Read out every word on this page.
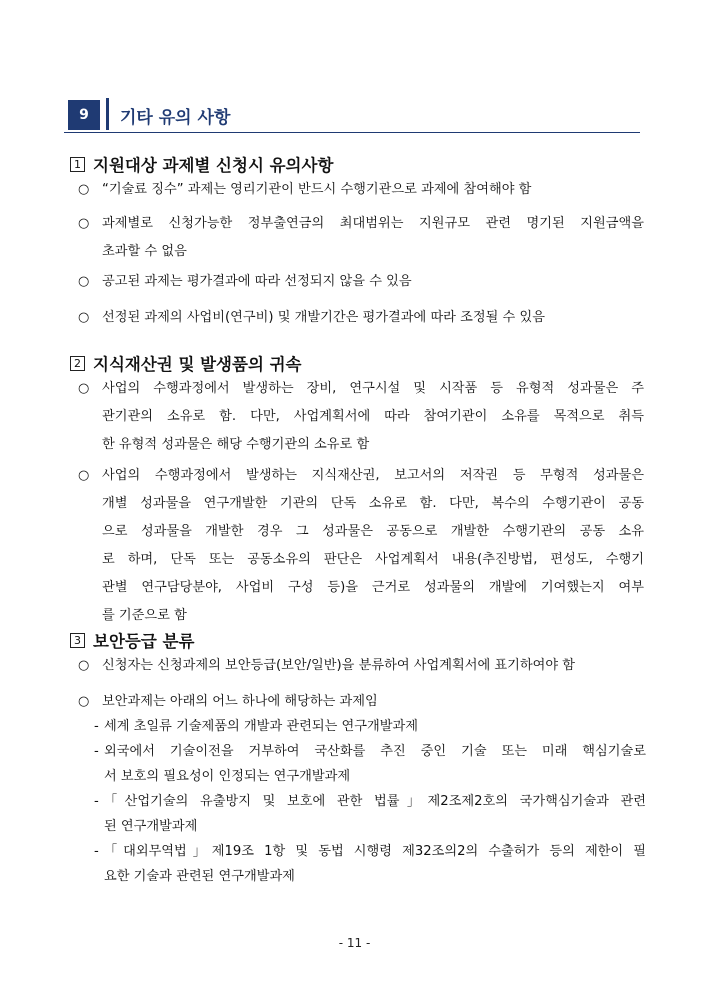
9	기타 유의 사항
1 지원대상 과제별 신청시 유의사항
○ “기술료 징수” 과제는 영리기관이 반드시 수행기관으로 과제에 참여해야 함
○ 과제별로 신청가능한 정부출연금의 최대범위는 지원규모 관련 명기된 지원금액을
초과할 수 없음
○ 공고된 과제는 평가결과에 따라 선정되지 않을 수 있음
○ 선정된 과제의 사업비(연구비) 및 개발기간은 평가결과에 따라 조정될 수 있음
2 지식재산권 및 발생품의 귀속
○ 사업의 수행과정에서 발생하는 장비, 연구시설 및 시작품 등 유형적 성과물은 주
관기관의 소유로 함. 다만, 사업계획서에 따라 참여기관이 소유를 목적으로 취득
한 유형적 성과물은 해당 수행기관의 소유로 함
○ 사업의 수행과정에서 발생하는 지식재산권, 보고서의 저작권 등 무형적 성과물은
개별 성과물을 연구개발한 기관의 단독 소유로 함. 다만, 복수의 수행기관이 공동
으로 성과물을 개발한 경우 그 성과물은 공동으로 개발한 수행기관의 공동 소유
로 하며, 단독 또는 공동소유의 판단은 사업계획서 내용(추진방법, 편성도, 수행기
관별 연구담당분야, 사업비 구성 등)을 근거로 성과물의 개발에 기여했는지 여부
를 기준으로 함
3 보안등급 분류
○ 신청자는 신청과제의 보안등급(보안/일반)을 분류하여 사업계획서에 표기하여야 함
○ 보안과제는 아래의 어느 하나에 해당하는 과제임
- 세계 초일류 기술제품의 개발과 관련되는 연구개발과제
- 외국에서 기술이전을 거부하여 국산화를 추진 중인 기술 또는 미래 핵심기술로
서 보호의 필요성이 인정되는 연구개발과제
- 「산업기술의 유출방지 및 보호에 관한 법률」제2조제2호의 국가핵심기술과 관련
된 연구개발과제
- 「대외무역법」제19조 1항 및 동법 시행령 제32조의2의 수출허가 등의 제한이 필
요한 기술과 관련된 연구개발과제
- 11 -
